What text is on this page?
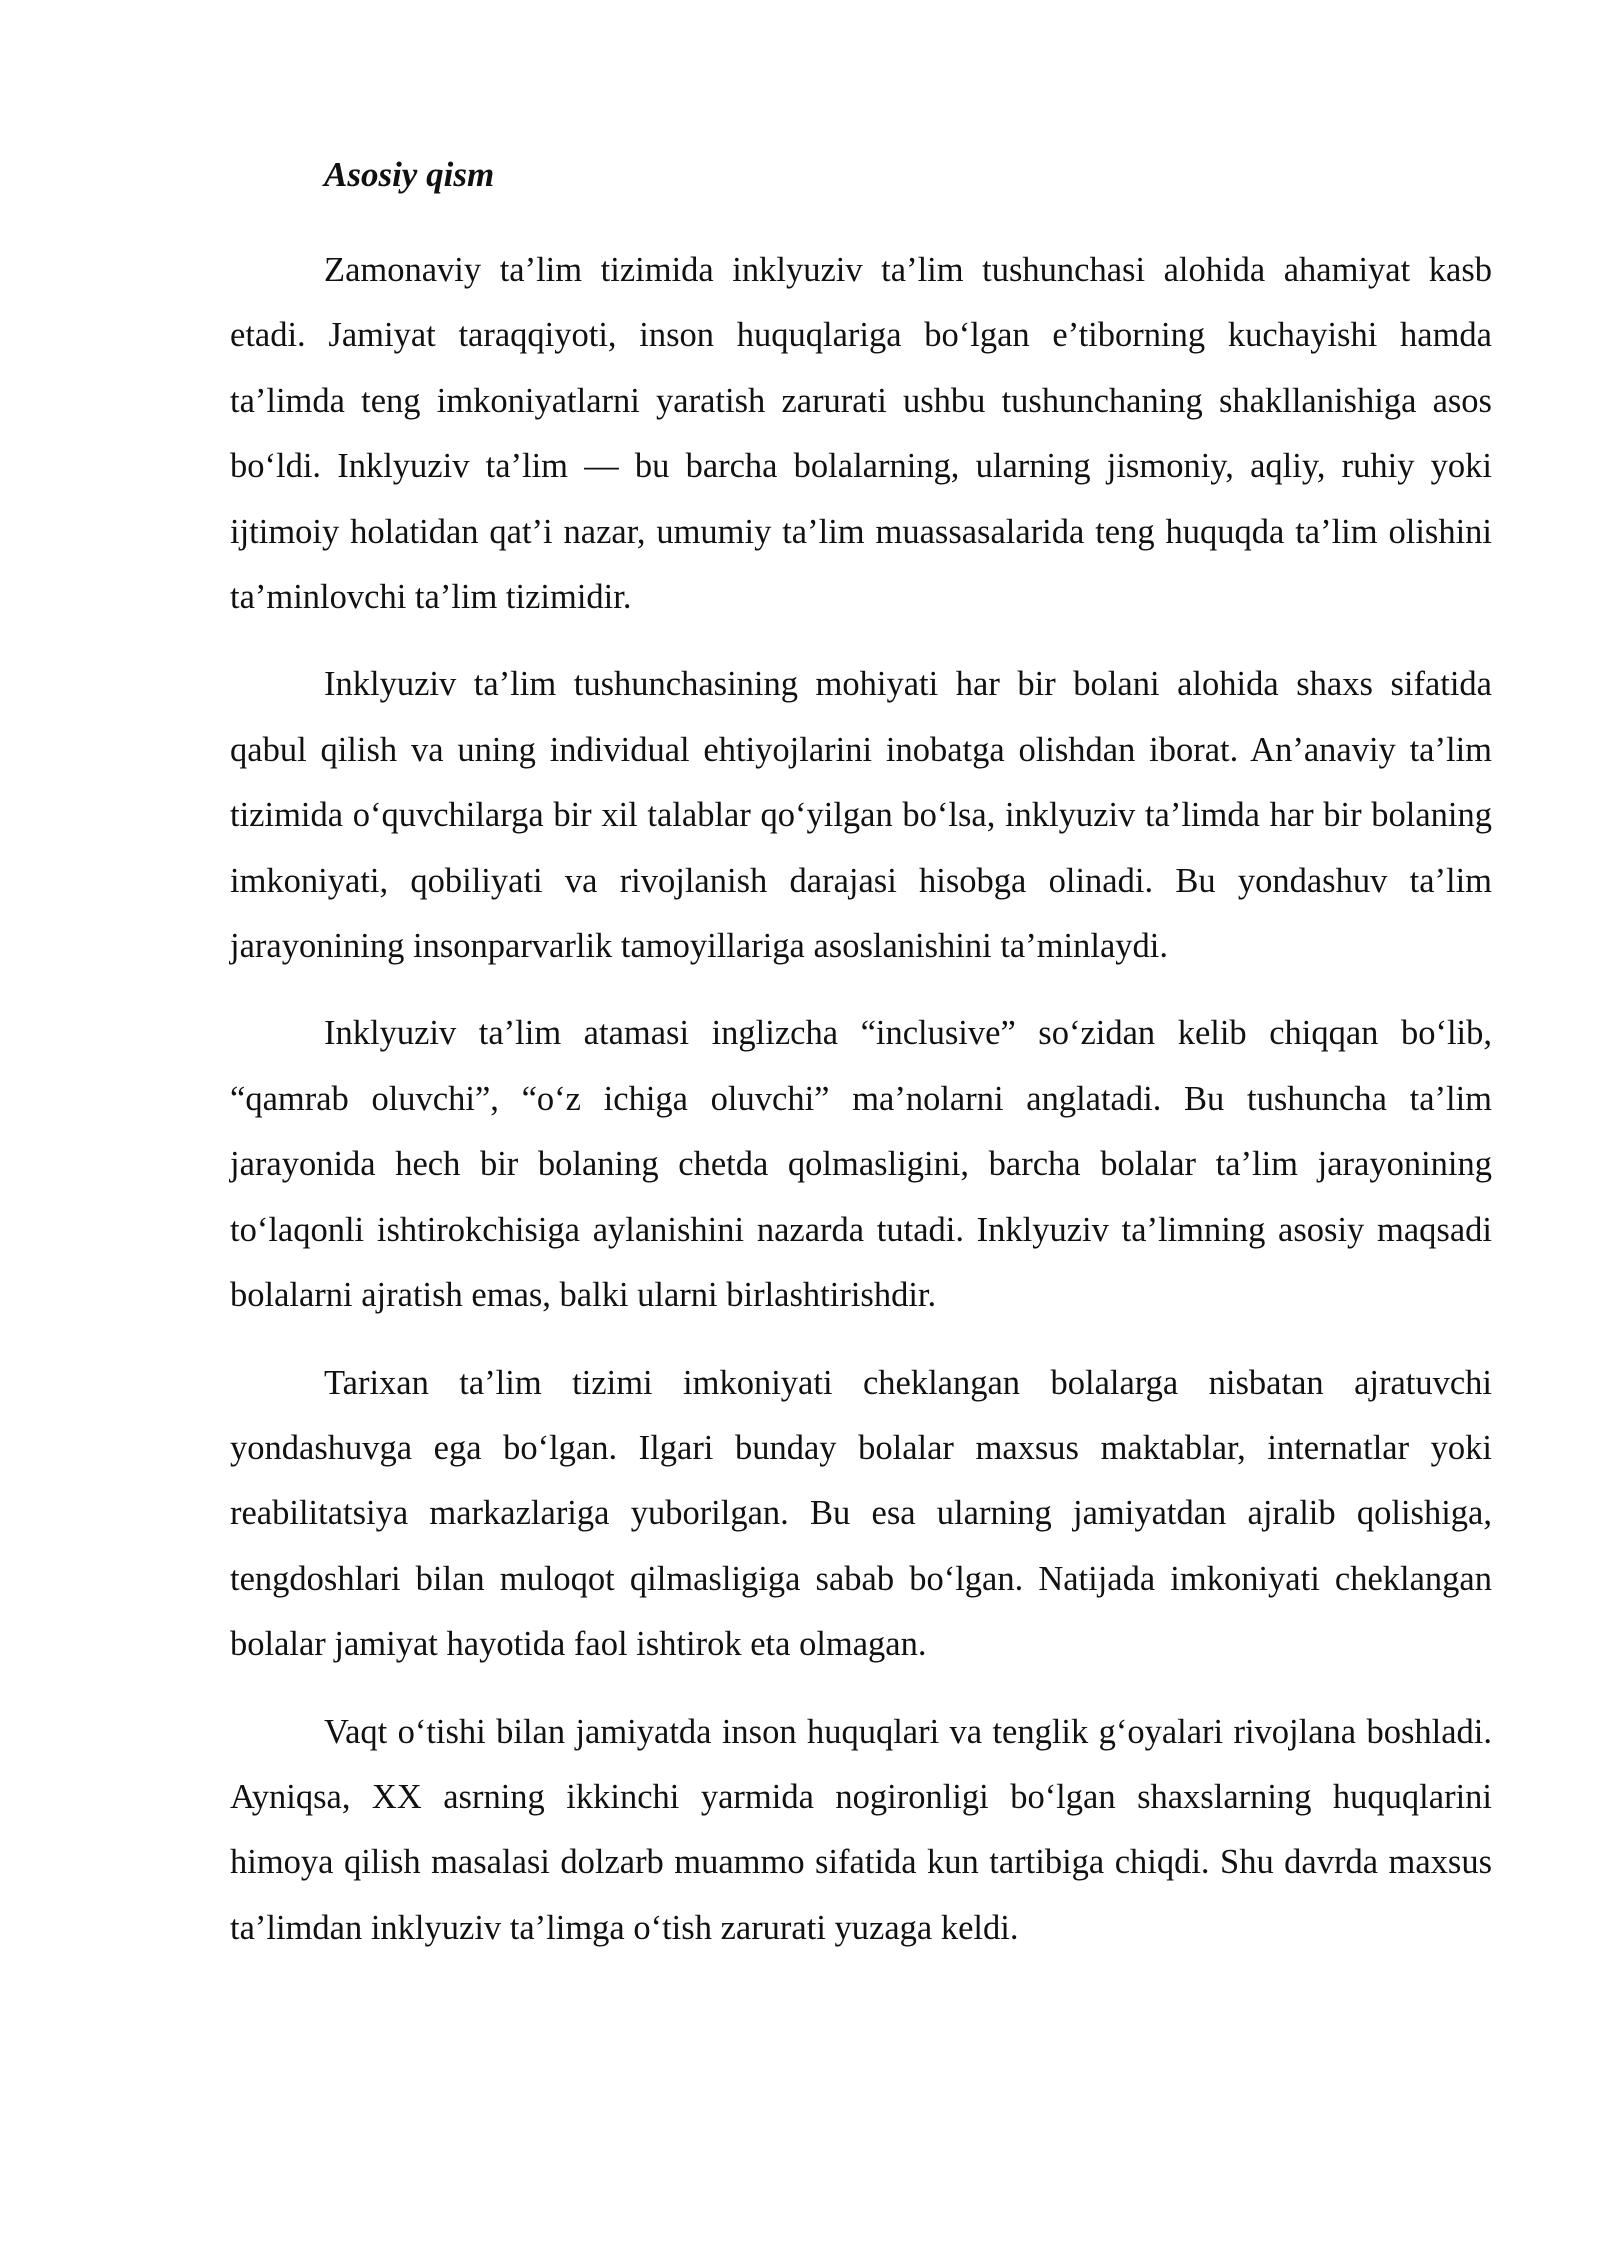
Asosiy qism

Zamonaviy ta’lim tizimida inklyuziv ta’lim tushunchasi alohida ahamiyat kasb etadi. Jamiyat taraqqiyoti, inson huquqlariga bo‘lgan e’tiborning kuchayishi hamda ta’limda teng imkoniyatlarni yaratish zarurati ushbu tushunchaning shakllanishiga asos bo‘ldi. Inklyuziv ta’lim — bu barcha bolalarning, ularning jismoniy, aqliy, ruhiy yoki ijtimoiy holatidan qat’i nazar, umumiy ta’lim muassasalarida teng huquqda ta’lim olishini ta’minlovchi ta’lim tizimidir.

Inklyuziv ta’lim tushunchasining mohiyati har bir bolani alohida shaxs sifatida qabul qilish va uning individual ehtiyojlarini inobatga olishdan iborat. An’anaviy ta’lim tizimida o‘quvchilarga bir xil talablar qo‘yilgan bo‘lsa, inklyuziv ta’limda har bir bolaning imkoniyati, qobiliyati va rivojlanish darajasi hisobga olinadi. Bu yondashuv ta’lim jarayonining insonparvarlik tamoyillariga asoslanishini ta’minlaydi.

Inklyuziv ta’lim atamasi inglizcha “inclusive” so‘zidan kelib chiqqan bo‘lib, “qamrab oluvchi”, “o‘z ichiga oluvchi” ma’nolarni anglatadi. Bu tushuncha ta’lim jarayonida hech bir bolaning chetda qolmasligini, barcha bolalar ta’lim jarayonining to‘laqonli ishtirokchisiga aylanishini nazarda tutadi. Inklyuziv ta’limning asosiy maqsadi bolalarni ajratish emas, balki ularni birlashtirishdir.

Tarixan ta’lim tizimi imkoniyati cheklangan bolalarga nisbatan ajratuvchi yondashuvga ega bo‘lgan. Ilgari bunday bolalar maxsus maktablar, internatlar yoki reabilitatsiya markazlariga yuborilgan. Bu esa ularning jamiyatdan ajralib qolishiga, tengdoshlari bilan muloqot qilmasligiga sabab bo‘lgan. Natijada imkoniyati cheklangan bolalar jamiyat hayotida faol ishtirok eta olmagan.

Vaqt o‘tishi bilan jamiyatda inson huquqlari va tenglik g‘oyalari rivojlana boshladi. Ayniqsa, XX asrning ikkinchi yarmida nogironligi bo‘lgan shaxslarning huquqlarini himoya qilish masalasi dolzarb muammo sifatida kun tartibiga chiqdi. Shu davrda maxsus ta’limdan inklyuziv ta’limga o‘tish zarurati yuzaga keldi.
